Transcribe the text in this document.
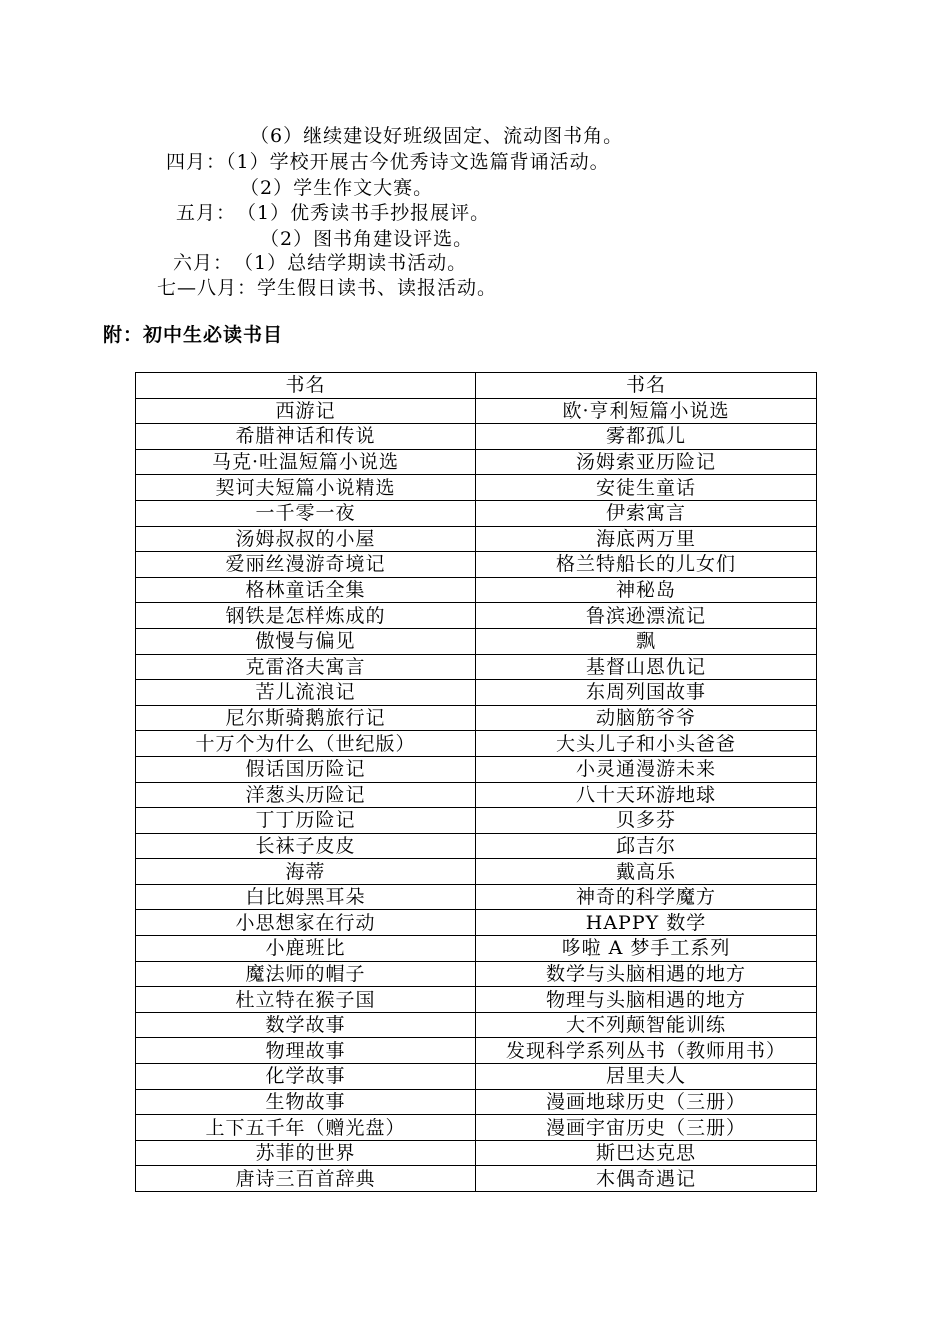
（6）继续建设好班级固定、流动图书角。
四月：（1）学校开展古今优秀诗文选篇背诵活动。
（2）学生作文大赛。
五月：　（1）优秀读书手抄报展评。
（2）图书角建设评选。
六月：　（1）总结学期读书活动。
七—八月：学生假日读书、读报活动。
附：初中生必读书目
书名	书名
西游记	欧·亨利短篇小说选
希腊神话和传说	雾都孤儿
马克·吐温短篇小说选	汤姆索亚历险记
契诃夫短篇小说精选	安徒生童话
一千零一夜	伊索寓言
汤姆叔叔的小屋	海底两万里
爱丽丝漫游奇境记	格兰特船长的儿女们
格林童话全集	神秘岛
钢铁是怎样炼成的	鲁滨逊漂流记
傲慢与偏见	飘
克雷洛夫寓言	基督山恩仇记
苦儿流浪记	东周列国故事
尼尔斯骑鹅旅行记	动脑筋爷爷
十万个为什么（世纪版）	大头儿子和小头爸爸
假话国历险记	小灵通漫游未来
洋葱头历险记	八十天环游地球
丁丁历险记	贝多芬
长袜子皮皮	邱吉尔
海蒂	戴高乐
白比姆黑耳朵	神奇的科学魔方
小思想家在行动	HAPPY 数学
小鹿班比	哆啦 A 梦手工系列
魔法师的帽子	数学与头脑相遇的地方
杜立特在猴子国	物理与头脑相遇的地方
数学故事	大不列颠智能训练
物理故事	发现科学系列丛书（教师用书）
化学故事	居里夫人
生物故事	漫画地球历史（三册）
上下五千年（赠光盘）	漫画宇宙历史（三册）
苏菲的世界	斯巴达克思
唐诗三百首辞典	木偶奇遇记
